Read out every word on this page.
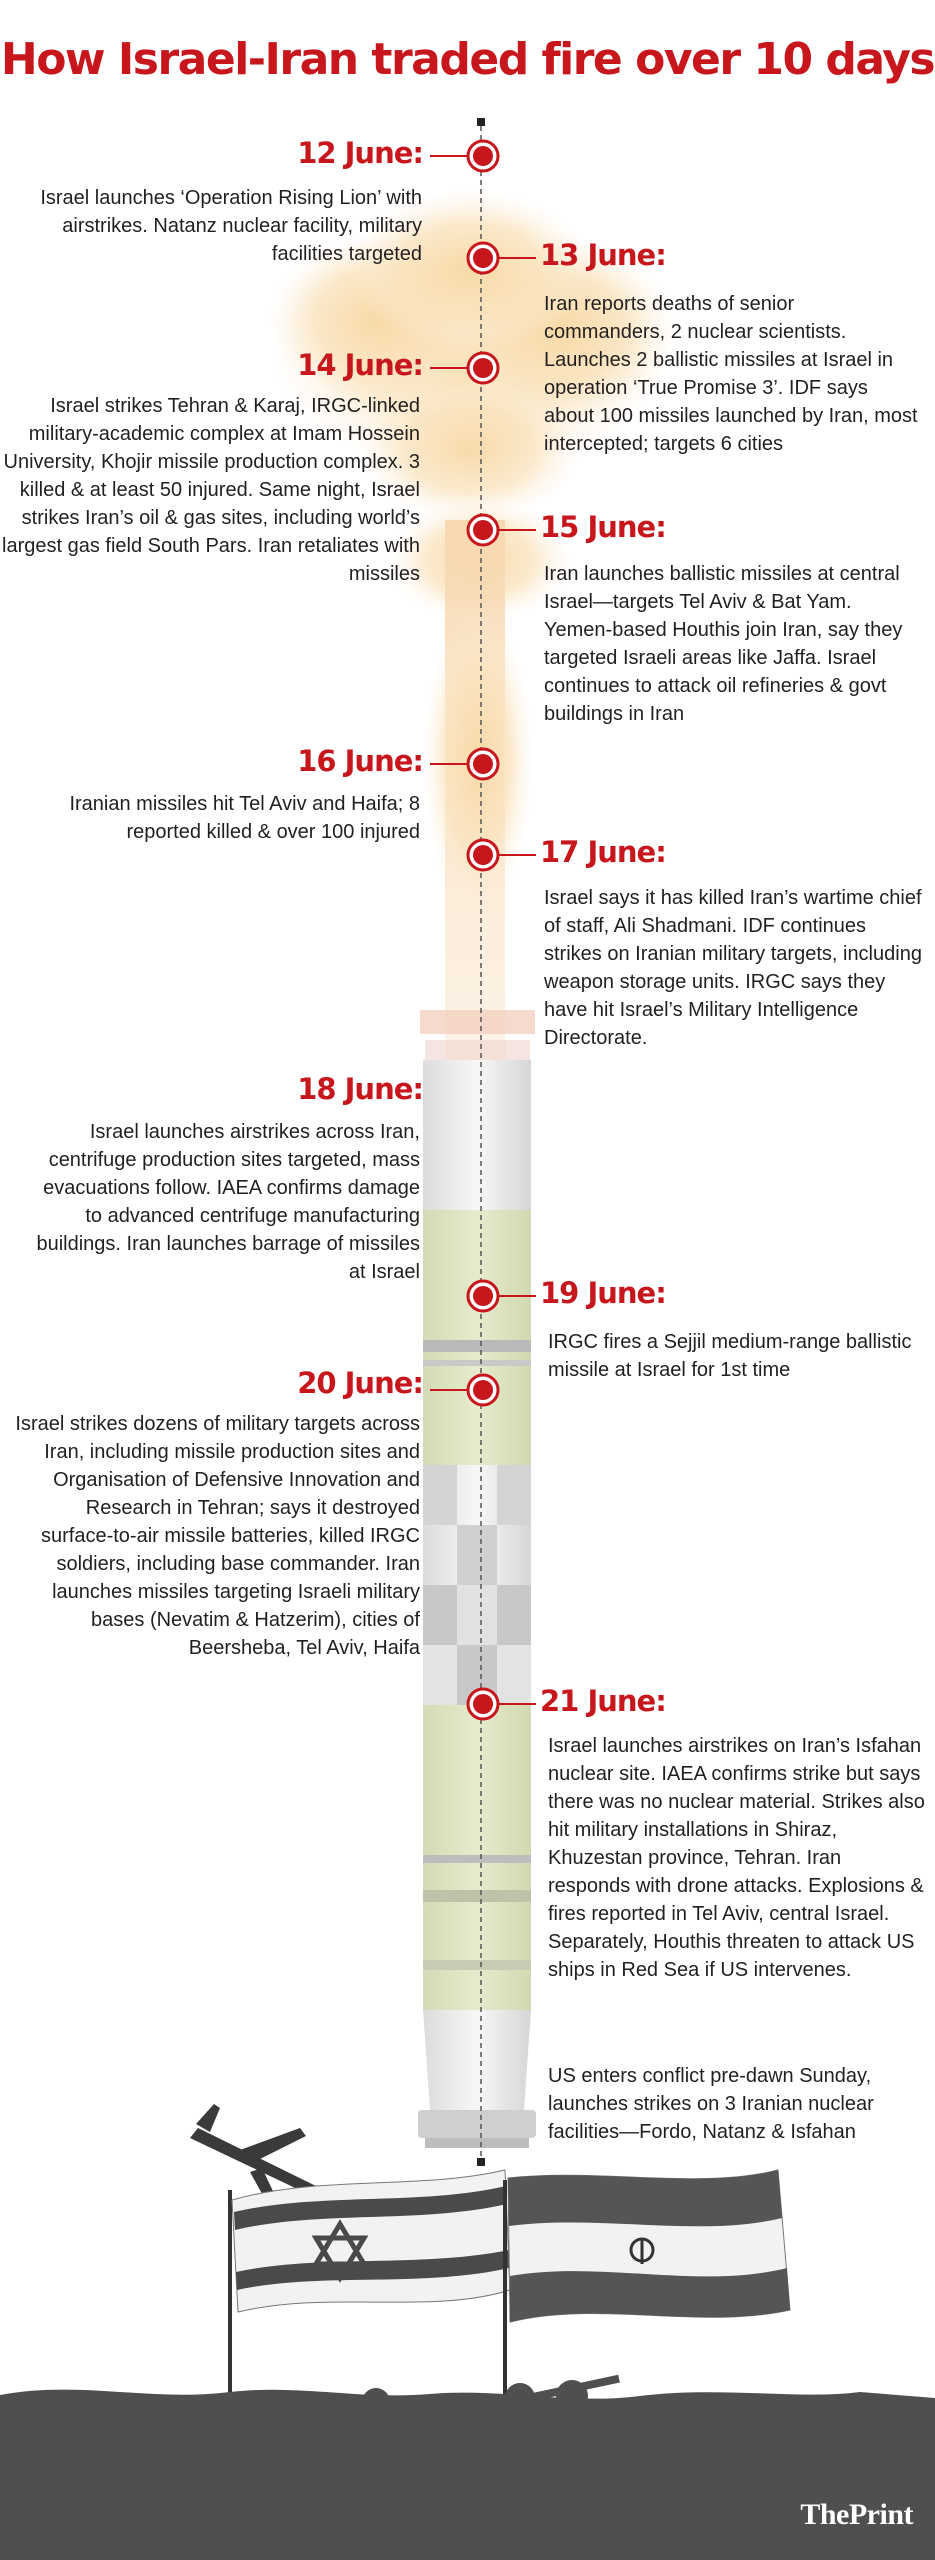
How Israel-Iran traded fire over 10 days
12 June:
Israel launches ‘Operation Rising Lion’ with airstrikes. Natanz nuclear facility, military facilities targeted	13 June:
Iran reports deaths of senior commanders, 2 nuclear scientists. Launches 2 ballistic missiles at Israel in operation ‘True Promise 3’. IDF says about 100 missiles launched by Iran, most intercepted; targets 6 cities
14 June:
Israel strikes Tehran & Karaj, IRGC-linked military-academic complex at Imam Hossein University, Khojir missile production complex. 3 killed & at least 50 injured. Same night, Israel strikes Iran’s oil & gas sites, including world’s largest gas field South Pars. Iran retaliates with missiles
15 June:
Iran launches ballistic missiles at central Israel—targets Tel Aviv & Bat Yam. Yemen-based Houthis join Iran, say they targeted Israeli areas like Jaffa. Israel continues to attack oil refineries & govt buildings in Iran
16 June:
Iranian missiles hit Tel Aviv and Haifa; 8 reported killed & over 100 injured
17 June:
Israel says it has killed Iran’s wartime chief of staff, Ali Shadmani. IDF continues strikes on Iranian military targets, including weapon storage units. IRGC says they have hit Israel’s Military Intelligence Directorate.
18 June:
Israel launches airstrikes across Iran, centrifuge production sites targeted, mass evacuations follow. IAEA confirms damage to advanced centrifuge manufacturing buildings. Iran launches barrage of missiles at Israel
19 June:
IRGC fires a Sejjil medium-range ballistic missile at Israel for 1st time
20 June:
Israel strikes dozens of military targets across Iran, including missile production sites and Organisation of Defensive Innovation and Research in Tehran; says it destroyed surface-to-air missile batteries, killed IRGC soldiers, including base commander. Iran launches missiles targeting Israeli military bases (Nevatim & Hatzerim), cities of Beersheba, Tel Aviv, Haifa
21 June:
Israel launches airstrikes on Iran’s Isfahan nuclear site. IAEA confirms strike but says there was no nuclear material. Strikes also hit military installations in Shiraz, Khuzestan province, Tehran. Iran responds with drone attacks. Explosions & fires reported in Tel Aviv, central Israel. Separately, Houthis threaten to attack US ships in Red Sea if US intervenes.
US enters conflict pre-dawn Sunday, launches strikes on 3 Iranian nuclear facilities—Fordo, Natanz & Isfahan
ThePrint
